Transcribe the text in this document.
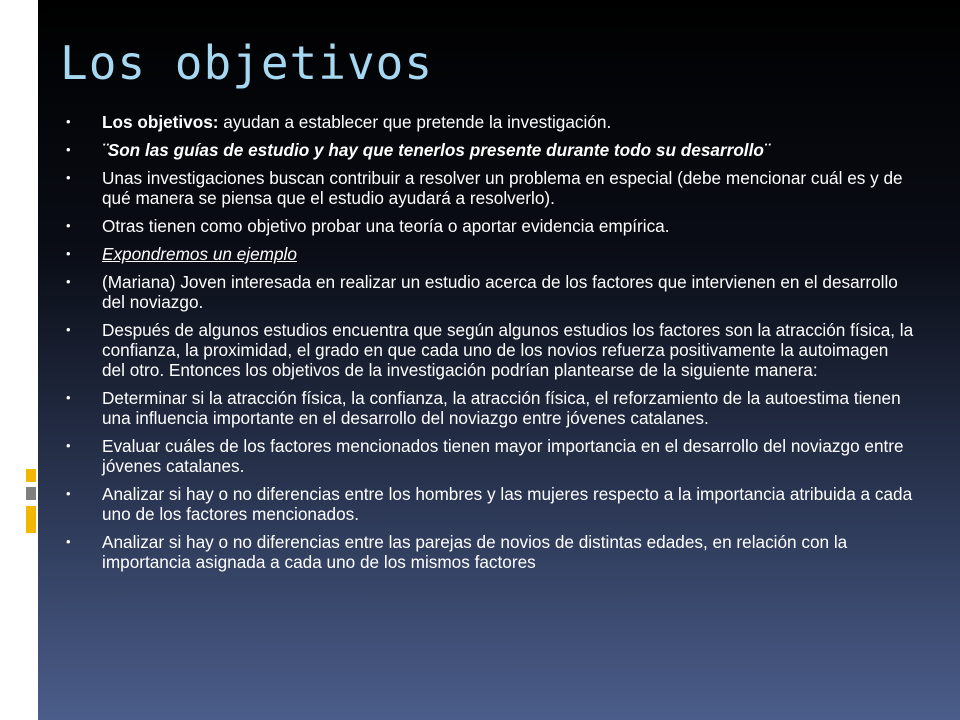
Los objetivos
• Los objetivos: ayudan a establecer que pretende la investigación.
• ¨Son las guías de estudio y hay que tenerlos presente durante todo su desarrollo¨
• Unas investigaciones buscan contribuir a resolver un problema en especial (debe mencionar cuál es y de qué manera se piensa que el estudio ayudará a resolverlo).
• Otras tienen como objetivo probar una teoría o aportar evidencia empírica.
• Expondremos un ejemplo
• (Mariana) Joven interesada en realizar un estudio acerca de los factores que intervienen en el desarrollo del noviazgo.
• Después de algunos estudios encuentra que según algunos estudios los factores son la atracción física, la confianza, la proximidad, el grado en que cada uno de los novios refuerza positivamente la autoimagen del otro. Entonces los objetivos de la investigación podrían plantearse de la siguiente manera:
• Determinar si la atracción física, la confianza, la atracción física, el reforzamiento de la autoestima tienen una influencia importante en el desarrollo del noviazgo entre jóvenes catalanes.
• Evaluar cuáles de los factores mencionados tienen mayor importancia en el desarrollo del noviazgo entre jóvenes catalanes.
• Analizar si hay o no diferencias entre los hombres y las mujeres respecto a la importancia atribuida a cada uno de los factores mencionados.
• Analizar si hay o no diferencias entre las parejas de novios de distintas edades, en relación con la importancia asignada a cada uno de los mismos factores
